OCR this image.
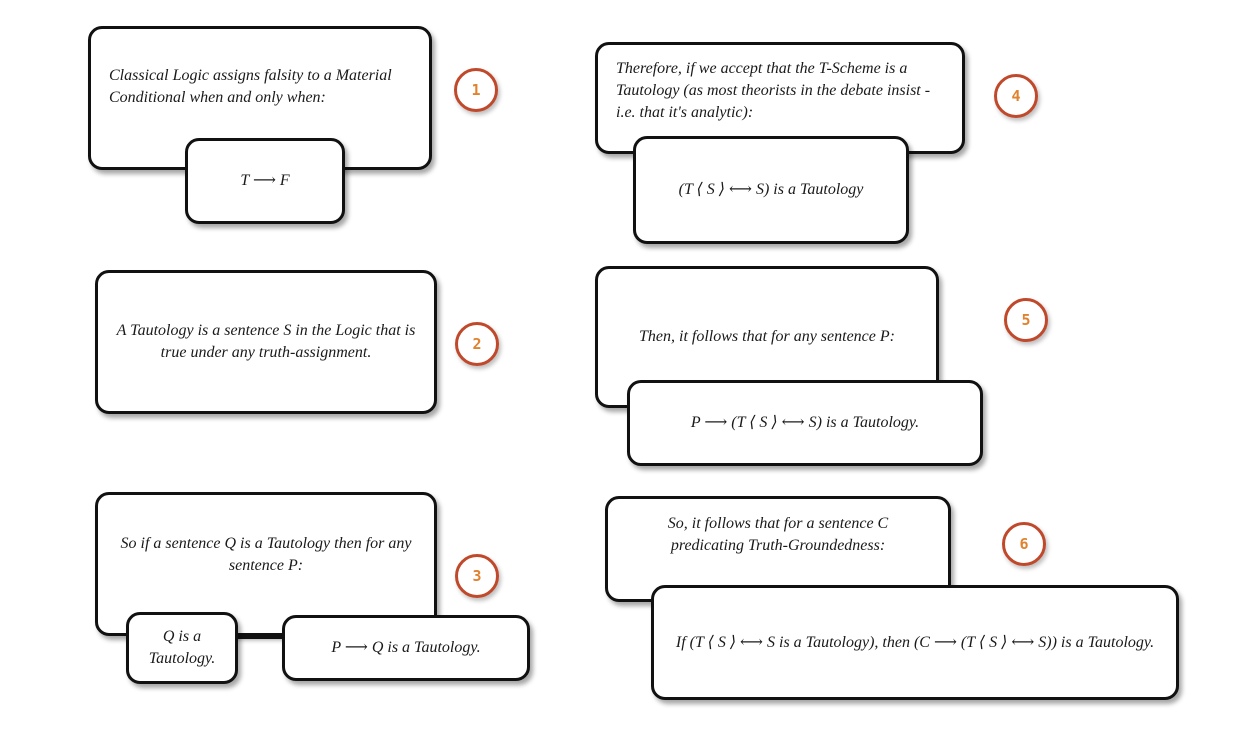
Classical Logic assigns falsity to a Material Conditional when and only when:
T ⟶ F
1
A Tautology is a sentence S in the Logic that is true under any truth-assignment.	2
So if a sentence Q is a Tautology then for any sentence P:
Q is a Tautology.
P ⟶ Q is a Tautology.
3
Therefore, if we accept that the T-Scheme is a Tautology (as most theorists in the debate insist - i.e. that it's analytic):
(T ⟨ S ⟩ ⟷ S) is a Tautology
4
Then, it follows that for any sentence P:
P ⟶ (T ⟨ S ⟩ ⟷ S) is a Tautology.
5
So, it follows that for a sentence C predicating Truth-Groundedness:
If (T ⟨ S ⟩ ⟷ S is a Tautology), then (C ⟶ (T ⟨ S ⟩ ⟷ S)) is a Tautology.
6
